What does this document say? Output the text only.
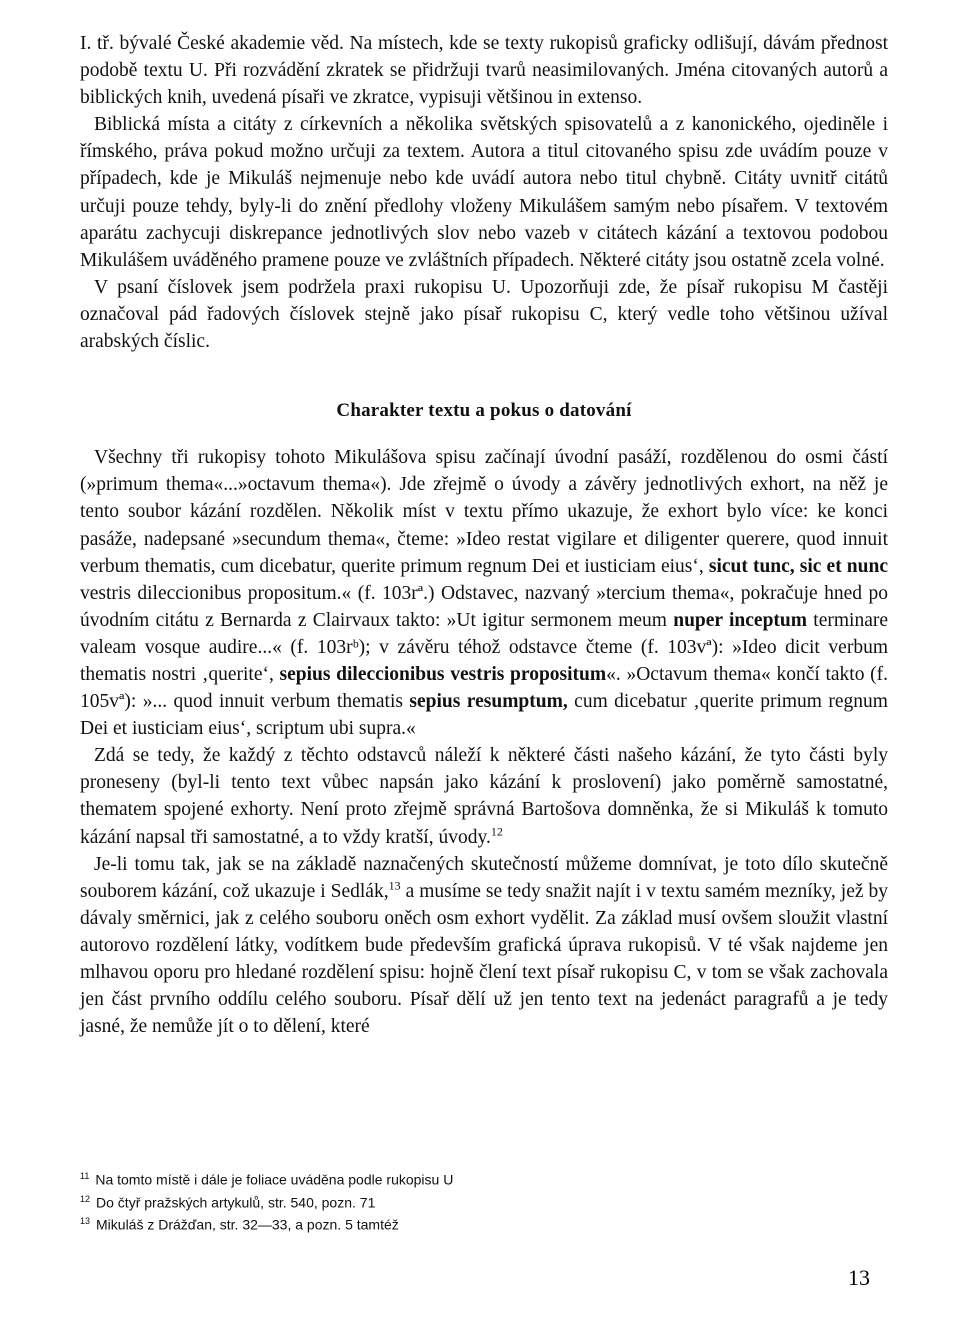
I. tř. bývalé České akademie věd. Na místech, kde se texty rukopisů graficky odlišují, dávám přednost podobě textu U. Při rozvádění zkratek se přidržuji tvarů neasimilovaných. Jména citovaných autorů a biblických knih, uvedená písaři ve zkratce, vypisuji většinou in extenso.

Biblická místa a citáty z církevních a několika světských spisovatelů a z kanonického, ojediněle i římského, práva pokud možno určuji za textem. Autora a titul citovaného spisu zde uvádím pouze v případech, kde je Mikuláš nejmenuje nebo kde uvádí autora nebo titul chybně. Citáty uvnitř citátů určuji pouze tehdy, byly-li do znění předlohy vloženy Mikulášem samým nebo písařem. V textovém aparátu zachycuji diskrepance jednotlivých slov nebo vazeb v citátech kázání a textovou podobou Mikulášem uváděného pramene pouze ve zvláštních případech. Některé citáty jsou ostatně zcela volné.

V psaní číslovek jsem podržela praxi rukopisu U. Upozorňuji zde, že písař rukopisu M častěji označoval pád řadových číslovek stejně jako písař rukopisu C, který vedle toho většinou užíval arabských číslic.

Charakter textu a pokus o datování

Všechny tři rukopisy tohoto Mikulášova spisu začínají úvodní pasáží, rozdělenou do osmi částí (»primum thema«...»octavum thema«). Jde zřejmě o úvody a závěry jednotlivých exhort, na něž je tento soubor kázání rozdělen. Několik míst v textu přímo ukazuje, že exhort bylo více: ke konci pasáže, nadepsané »secundum thema«, čteme: »Ideo restat vigilare et diligenter querere, quod innuit verbum thematis, cum dicebatur, querite primum regnum Dei et iusticiam eius‘, sicut tunc, sic et nunc vestris dileccionibus propositum.« (f. 103rª.) Odstavec, nazvaný »tercium thema«, pokračuje hned po úvodním citátu z Bernarda z Clairvaux takto: »Ut igitur sermonem meum nuper inceptum terminare valeam vosque audire...« (f. 103rᵇ); v závěru téhož odstavce čteme (f. 103vª): »Ideo dicit verbum thematis nostri ‚querite‘, sepius dileccionibus vestris propositum«. »Octavum thema« končí takto (f. 105vª): »... quod innuit verbum thematis sepius resumptum, cum dicebatur ‚querite primum regnum Dei et iusticiam eius‘, scriptum ubi supra.«

Zdá se tedy, že každý z těchto odstavců náleží k některé části našeho kázání, že tyto části byly proneseny (byl-li tento text vůbec napsán jako kázání k proslovení) jako poměrně samostatné, thematem spojené exhorty. Není proto zřejmě správná Bartošova domněnka, že si Mikuláš k tomuto kázání napsal tři samostatné, a to vždy kratší, úvody.$^{12}$

Je-li tomu tak, jak se na základě naznačených skutečností můžeme domnívat, je toto dílo skutečně souborem kázání, což ukazuje i Sedlák,$^{13}$ a musíme se tedy snažit najít i v textu samém mezníky, jež by dávaly směrnici, jak z celého souboru oněch osm exhort vydělit. Za základ musí ovšem sloužit vlastní autorovo rozdělení látky, vodítkem bude především grafická úprava rukopisů. V té však najdeme jen mlhavou oporu pro hledané rozdělení spisu: hojně člení text písař rukopisu C, v tom se však zachovala jen část prvního oddílu celého souboru. Písař dělí už jen tento text na jedenáct paragrafů a je tedy jasné, že nemůže jít o to dělení, které

$^{11}$ Na tomto místě i dále je foliace uváděna podle rukopisu U
$^{12}$ Do čtyř pražských artykulů, str. 540, pozn. 71
$^{13}$ Mikuláš z Drážďan, str. 32—33, a pozn. 5 tamtéž
13
